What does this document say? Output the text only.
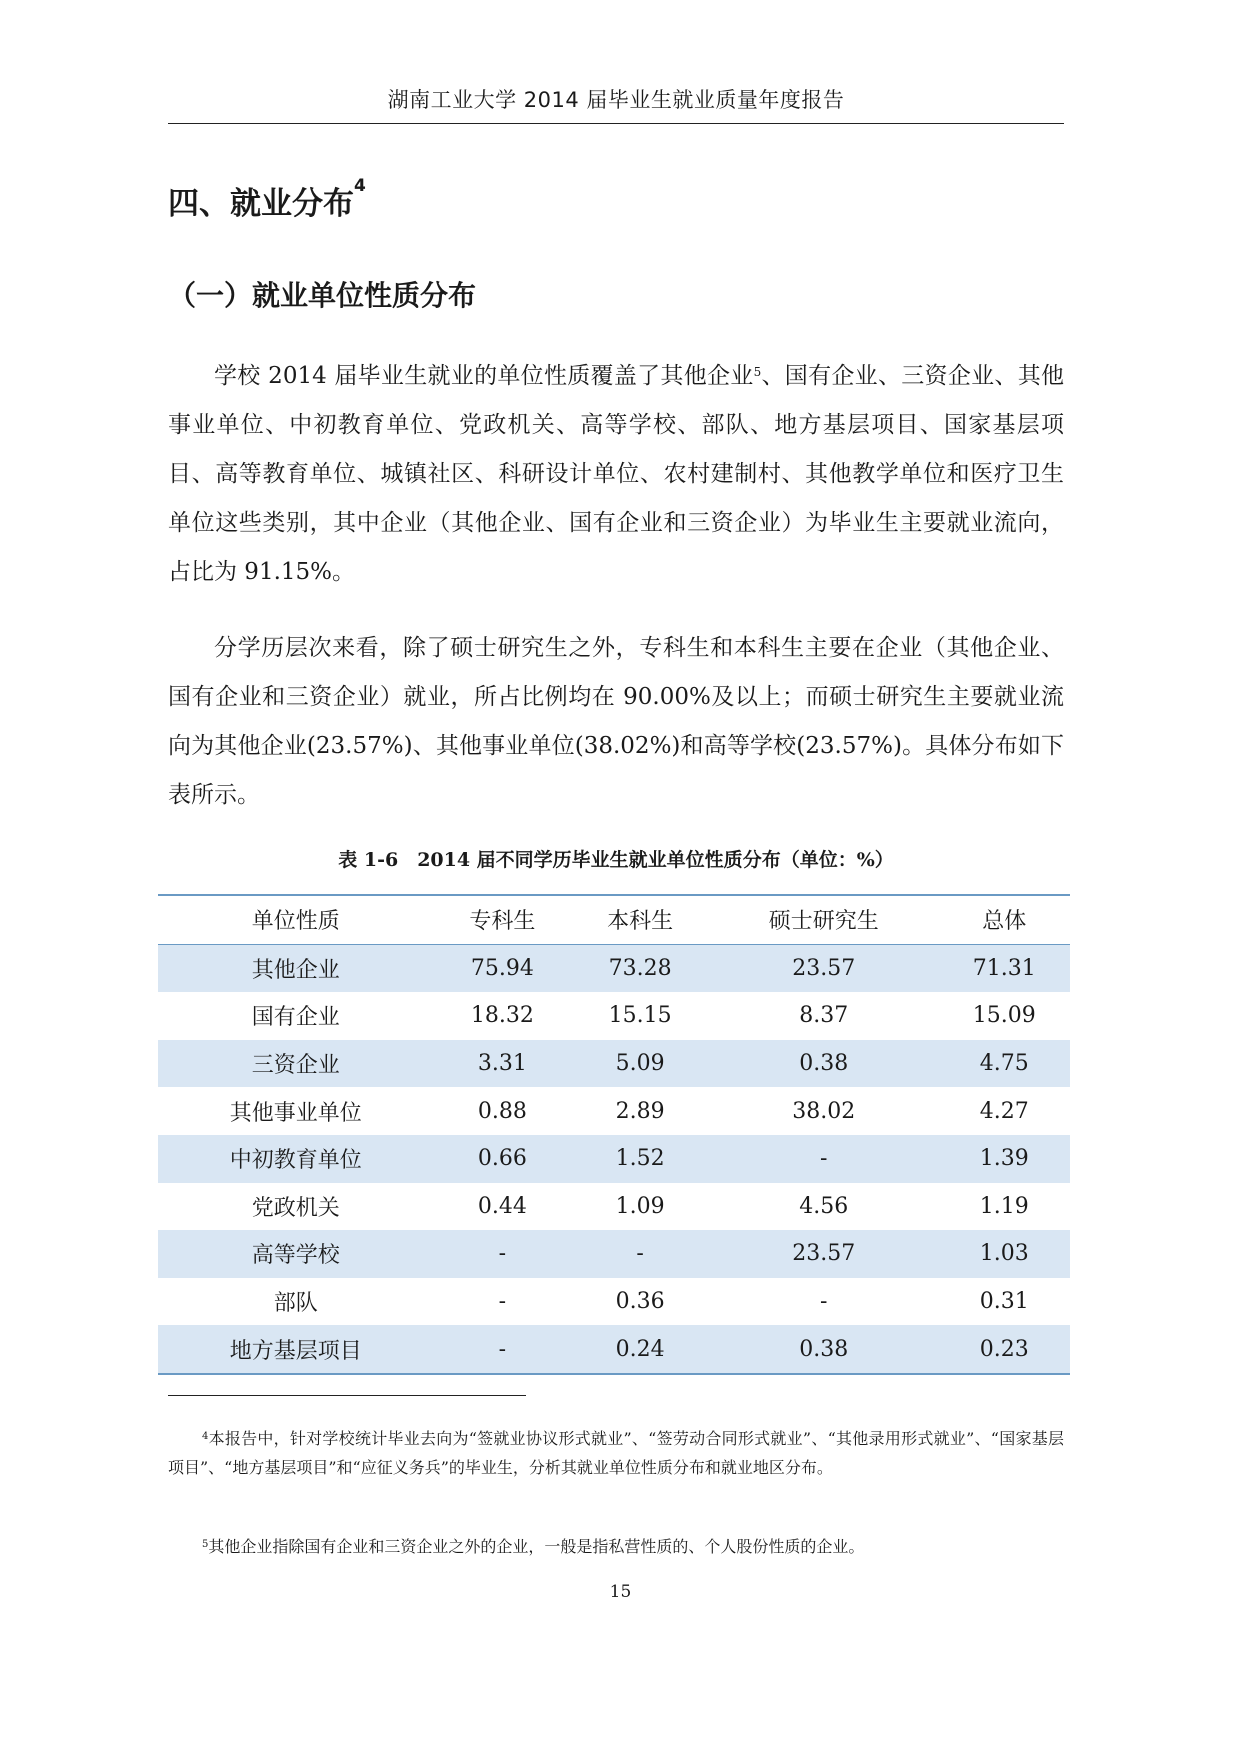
湖南工业大学 2014 届毕业生就业质量年度报告
四、就业分布$^4$
（一）就业单位性质分布
学校 2014 届毕业生就业的单位性质覆盖了其他企业$^5$、国有企业、三资企业、其他事业单位、中初教育单位、党政机关、高等学校、部队、地方基层项目、国家基层项目、高等教育单位、城镇社区、科研设计单位、农村建制村、其他教学单位和医疗卫生单位这些类别，其中企业（其他企业、国有企业和三资企业）为毕业生主要就业流向，占比为 91.15%。
分学历层次来看，除了硕士研究生之外，专科生和本科生主要在企业（其他企业、国有企业和三资企业）就业，所占比例均在 90.00%及以上；而硕士研究生主要就业流向为其他企业(23.57%)、其他事业单位(38.02%)和高等学校(23.57%)。具体分布如下表所示。
表 1-6　2014 届不同学历毕业生就业单位性质分布（单位：%）
单位性质	专科生	本科生	硕士研究生	总体
其他企业	75.94	73.28	23.57	71.31
国有企业	18.32	15.15	8.37	15.09
三资企业	3.31	5.09	0.38	4.75
其他事业单位	0.88	2.89	38.02	4.27
中初教育单位	0.66	1.52	-	1.39
党政机关	0.44	1.09	4.56	1.19
高等学校	-	-	23.57	1.03
部队	-	0.36	-	0.31
地方基层项目	-	0.24	0.38	0.23
$^4$本报告中，针对学校统计毕业去向为“签就业协议形式就业”、“签劳动合同形式就业”、“其他录用形式就业”、“国家基层项目”、“地方基层项目”和“应征义务兵”的毕业生，分析其就业单位性质分布和就业地区分布。
$^5$其他企业指除国有企业和三资企业之外的企业，一般是指私营性质的、个人股份性质的企业。
15
